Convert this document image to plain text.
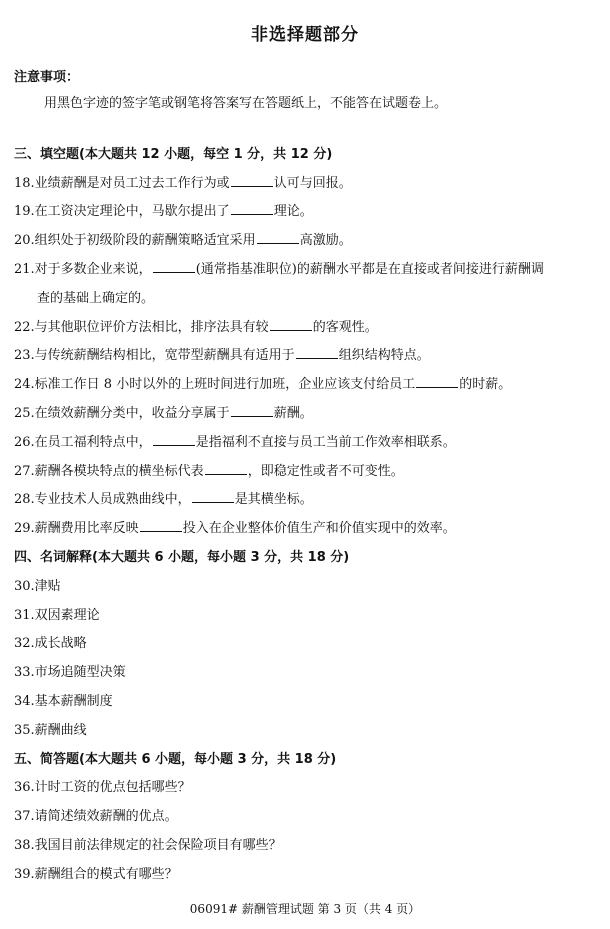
非选择题部分
注意事项：
用黑色字迹的签字笔或钢笔将答案写在答题纸上，不能答在试题卷上。
三、填空题(本大题共 12 小题，每空 1 分，共 12 分)
18.业绩薪酬是对员工过去工作行为或	认可与回报。
19.在工资决定理论中，马歇尔提出了	理论。
20.组织处于初级阶段的薪酬策略适宜采用	高激励。
21.对于多数企业来说，	(通常指基准职位)的薪酬水平都是在直接或者间接进行薪酬调
查的基础上确定的。
22.与其他职位评价方法相比，排序法具有较	的客观性。
23.与传统薪酬结构相比，宽带型薪酬具有适用于	组织结构特点。
24.标准工作日 8 小时以外的上班时间进行加班，企业应该支付给员工	的时薪。
25.在绩效薪酬分类中，收益分享属于	薪酬。
26.在员工福利特点中，	是指福利不直接与员工当前工作效率相联系。
27.薪酬各模块特点的横坐标代表	，即稳定性或者不可变性。
28.专业技术人员成熟曲线中，	是其横坐标。
29.薪酬费用比率反映	投入在企业整体价值生产和价值实现中的效率。
四、名词解释(本大题共 6 小题，每小题 3 分，共 18 分)
30.津贴
31.双因素理论
32.成长战略
33.市场追随型决策
34.基本薪酬制度
35.薪酬曲线
五、简答题(本大题共 6 小题，每小题 3 分，共 18 分)
36.计时工资的优点包括哪些？
37.请简述绩效薪酬的优点。
38.我国目前法律规定的社会保险项目有哪些？
39.薪酬组合的模式有哪些？
06091# 薪酬管理试题 第 3 页（共 4 页）
